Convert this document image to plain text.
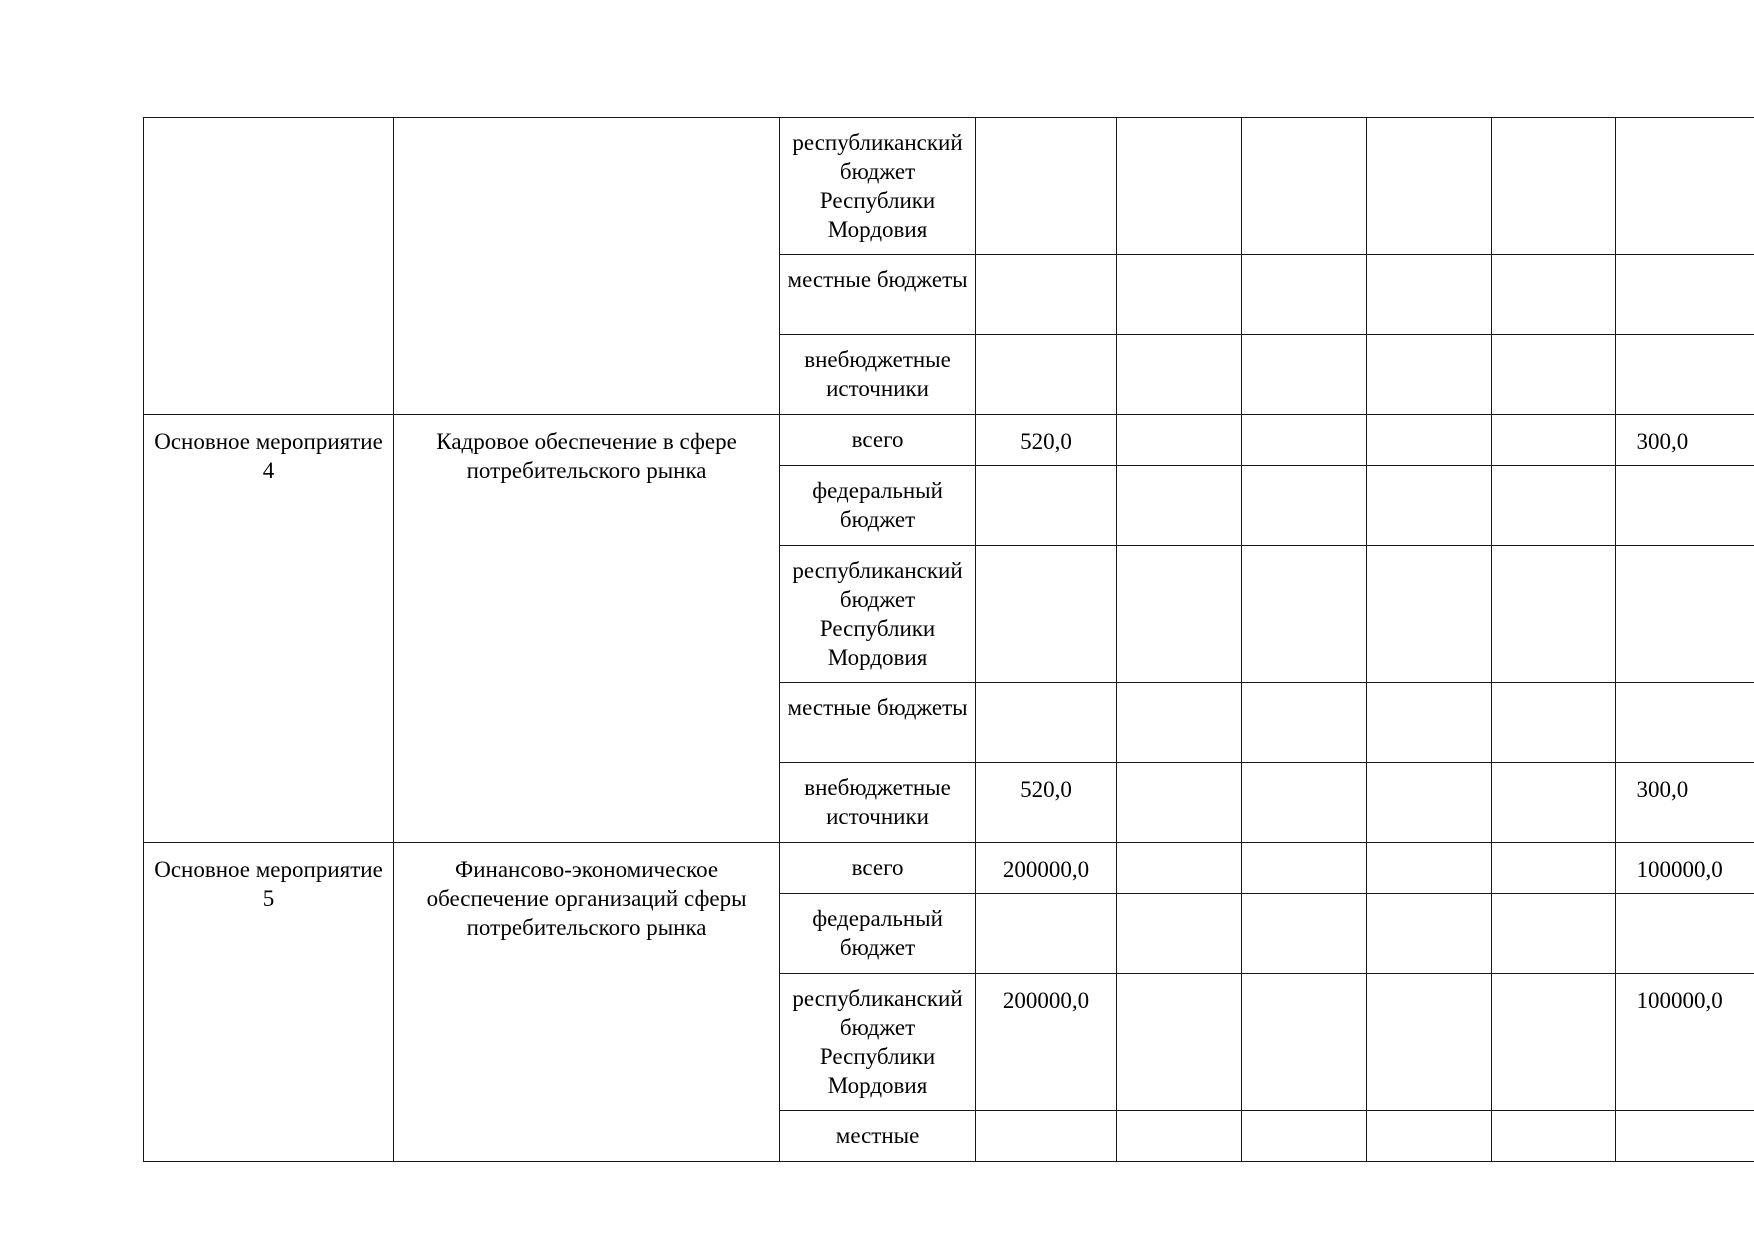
		республиканский бюджет Республики Мордовия						
		местные бюджеты						
		внебюджетные источники						
Основное мероприятие 4	Кадровое обеспечение в сфере потребительского рынка	всего	520,0					300,0
		федеральный бюджет						
		республиканский бюджет Республики Мордовия						
		местные бюджеты						
		внебюджетные источники	520,0					300,0
Основное мероприятие 5	Финансово-экономическое обеспечение организаций сферы потребительского рынка	всего	200000,0					100000,0
		федеральный бюджет						
		республиканский бюджет Республики Мордовия	200000,0					100000,0
		местные						
